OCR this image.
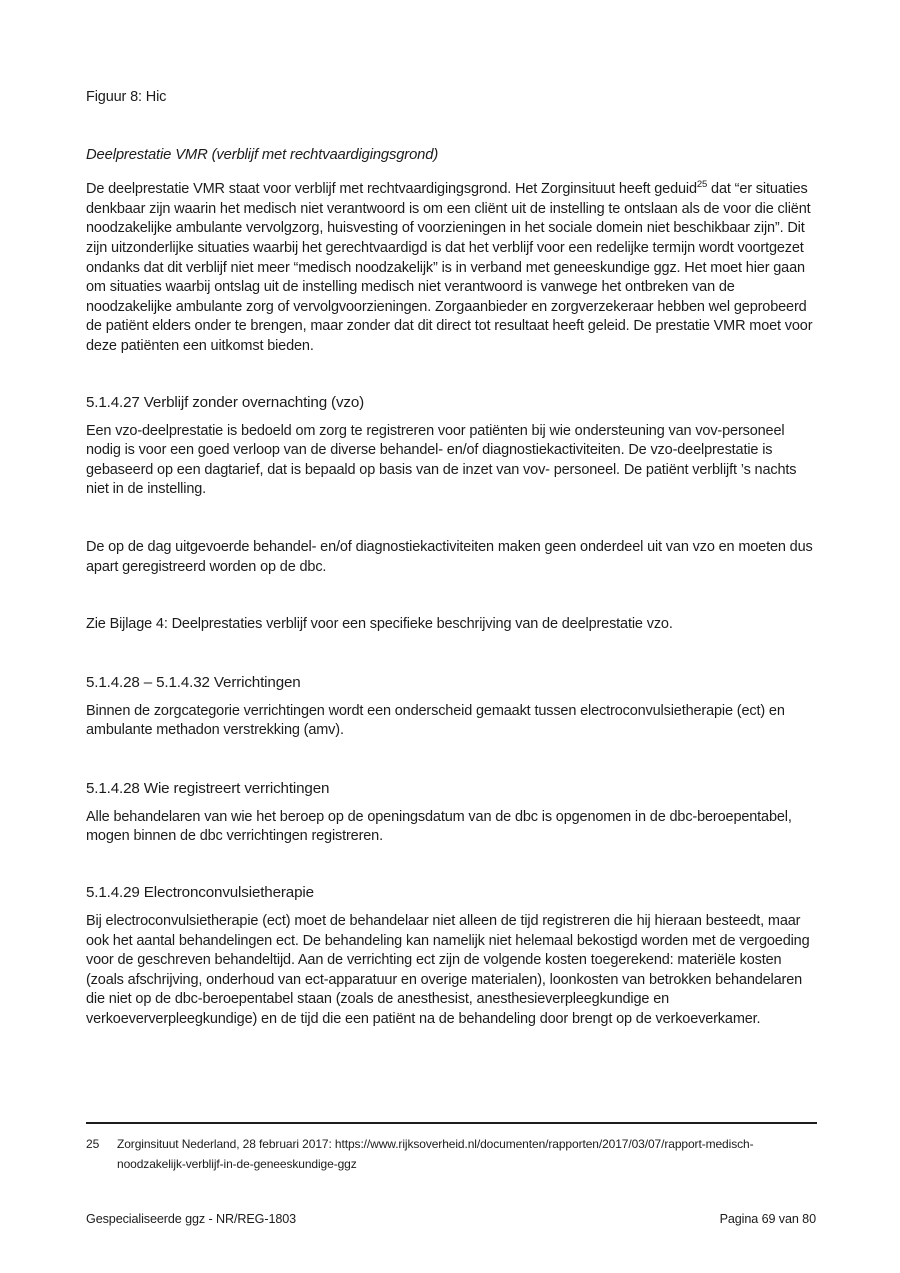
Figuur 8: Hic

Deelprestatie VMR (verblijf met rechtvaardigingsgrond)

De deelprestatie VMR staat voor verblijf met rechtvaardigingsgrond. Het Zorginsituut heeft geduid$^{25}$ dat “er situaties denkbaar zijn waarin het medisch niet verantwoord is om een cliënt uit de instelling te ontslaan als de voor die cliënt noodzakelijke ambulante vervolgzorg, huisvesting of voorzieningen in het sociale domein niet beschikbaar zijn”. Dit zijn uitzonderlijke situaties waarbij het gerechtvaardigd is dat het verblijf voor een redelijke termijn wordt voortgezet ondanks dat dit verblijf niet meer “medisch noodzakelijk” is in verband met geneeskundige ggz. Het moet hier gaan om situaties waarbij ontslag uit de instelling medisch niet verantwoord is vanwege het ontbreken van de noodzakelijke ambulante zorg of vervolgvoorzieningen. Zorgaanbieder en zorgverzekeraar hebben wel geprobeerd de patiënt elders onder te brengen, maar zonder dat dit direct tot resultaat heeft geleid. De prestatie VMR moet voor deze patiënten een uitkomst bieden.

5.1.4.27 Verblijf zonder overnachting (vzo)

Een vzo-deelprestatie is bedoeld om zorg te registreren voor patiënten bij wie ondersteuning van vov-personeel nodig is voor een goed verloop van de diverse behandel- en/of diagnostiekactiviteiten. De vzo-deelprestatie is gebaseerd op een dagtarief, dat is bepaald op basis van de inzet van vov- personeel. De patiënt verblijft ’s nachts niet in de instelling.

De op de dag uitgevoerde behandel- en/of diagnostiekactiviteiten maken geen onderdeel uit van vzo en moeten dus apart geregistreerd worden op de dbc.

Zie Bijlage 4: Deelprestaties verblijf voor een specifieke beschrijving van de deelprestatie vzo.

5.1.4.28 – 5.1.4.32 Verrichtingen

Binnen de zorgcategorie verrichtingen wordt een onderscheid gemaakt tussen electroconvulsietherapie (ect) en ambulante methadon verstrekking (amv).

5.1.4.28 Wie registreert verrichtingen

Alle behandelaren van wie het beroep op de openingsdatum van de dbc is opgenomen in de dbc-beroepentabel, mogen binnen de dbc verrichtingen registreren.

5.1.4.29 Electronconvulsietherapie

Bij electroconvulsietherapie (ect) moet de behandelaar niet alleen de tijd registreren die hij hieraan besteedt, maar ook het aantal behandelingen ect. De behandeling kan namelijk niet helemaal bekostigd worden met de vergoeding voor de geschreven behandeltijd. Aan de verrichting ect zijn de volgende kosten toegerekend: materiële kosten (zoals afschrijving, onderhoud van ect-apparatuur en overige materialen), loonkosten van betrokken behandelaren die niet op de dbc-beroepentabel staan (zoals de anesthesist, anesthesieverpleegkundige en verkoeververpleegkundige) en de tijd die een patiënt na de behandeling door brengt op de verkoeverkamer.

25	Zorginsituut Nederland, 28 februari 2017: https://www.rijksoverheid.nl/documenten/rapporten/2017/03/07/rapport-medisch-noodzakelijk-verblijf-in-de-geneeskundige-ggz
Gespecialiseerde ggz - NR/REG-1803	Pagina 69 van 80
